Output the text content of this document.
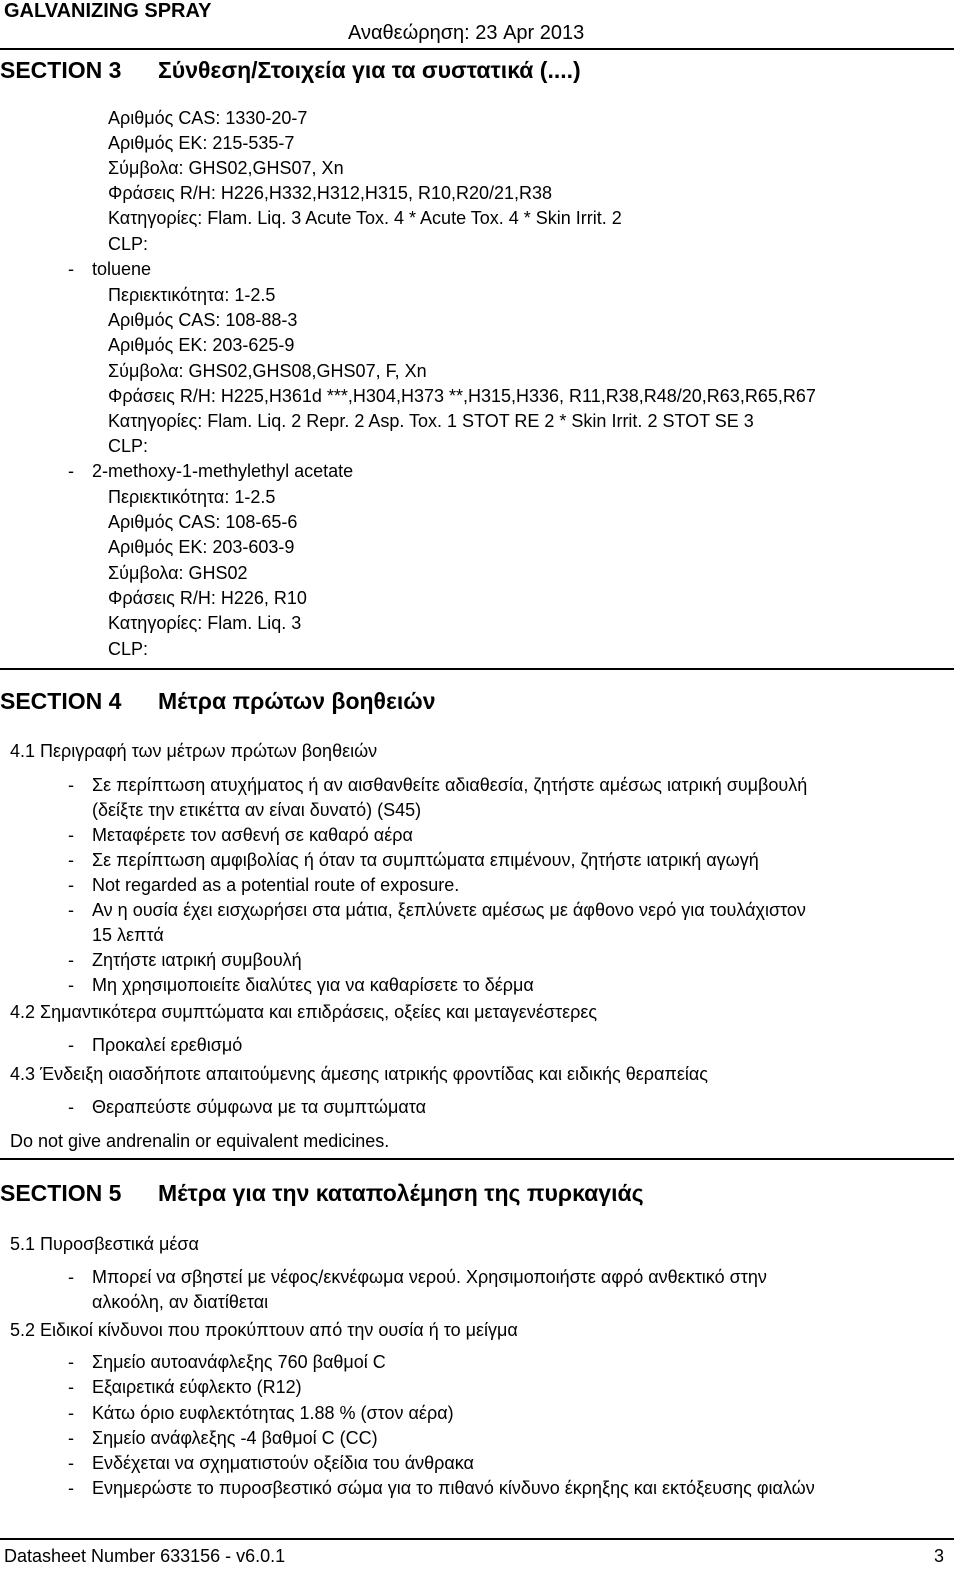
GALVANIZING SPRAY
Αναθεώρηση: 23 Apr 2013
SECTION 3 Σύνθεση/Στοιχεία για τα συστατικά (....)
Αριθμός CAS: 1330-20-7
Αριθμός ΕΚ: 215-535-7
Σύμβολα: GHS02,GHS07, Xn
Φράσεις R/H: H226,H332,H312,H315, R10,R20/21,R38
Κατηγορίες: Flam. Liq. 3 Acute Tox. 4 * Acute Tox. 4 * Skin Irrit. 2
CLP:
- toluene
Περιεκτικότητα: 1-2.5
Αριθμός CAS: 108-88-3
Αριθμός ΕΚ: 203-625-9
Σύμβολα: GHS02,GHS08,GHS07, F, Xn
Φράσεις R/H: H225,H361d ***,H304,H373 **,H315,H336, R11,R38,R48/20,R63,R65,R67
Κατηγορίες: Flam. Liq. 2 Repr. 2 Asp. Tox. 1 STOT RE 2 * Skin Irrit. 2 STOT SE 3
CLP:
- 2-methoxy-1-methylethyl acetate
Περιεκτικότητα: 1-2.5
Αριθμός CAS: 108-65-6
Αριθμός ΕΚ: 203-603-9
Σύμβολα: GHS02
Φράσεις R/H: H226, R10
Κατηγορίες: Flam. Liq. 3
CLP:
SECTION 4 Μέτρα πρώτων βοηθειών
4.1 Περιγραφή των μέτρων πρώτων βοηθειών
- Σε περίπτωση ατυχήματος ή αν αισθανθείτε αδιαθεσία, ζητήστε αμέσως ιατρική συμβουλή
(δείξτε την ετικέττα αν είναι δυνατό) (S45)
- Μεταφέρετε τον ασθενή σε καθαρό αέρα
- Σε περίπτωση αμφιβολίας ή όταν τα συμπτώματα επιμένουν, ζητήστε ιατρική αγωγή
- Not regarded as a potential route of exposure.
- Αν η ουσία έχει εισχωρήσει στα μάτια, ξεπλύνετε αμέσως με άφθονο νερό για τουλάχιστον
15 λεπτά
- Ζητήστε ιατρική συμβουλή
- Μη χρησιμοποιείτε διαλύτες για να καθαρίσετε το δέρμα
4.2 Σημαντικότερα συμπτώματα και επιδράσεις, οξείες και μεταγενέστερες
- Προκαλεί ερεθισμό
4.3 Ένδειξη οιασδήποτε απαιτούμενης άμεσης ιατρικής φροντίδας και ειδικής θεραπείας
- Θεραπεύστε σύμφωνα με τα συμπτώματα
Do not give andrenalin or equivalent medicines.
SECTION 5 Μέτρα για την καταπολέμηση της πυρκαγιάς
5.1 Πυροσβεστικά μέσα
- Μπορεί να σβηστεί με νέφος/εκνέφωμα νερού. Χρησιμοποιήστε αφρό ανθεκτικό στην
αλκοόλη, αν διατίθεται
5.2 Ειδικοί κίνδυνοι που προκύπτουν από την ουσία ή το μείγμα
- Σημείο αυτοανάφλεξης 760 βαθμοί C
- Εξαιρετικά εύφλεκτο (R12)
- Κάτω όριο ευφλεκτότητας 1.88 % (στον αέρα)
- Σημείο ανάφλεξης -4 βαθμοί C (CC)
- Ενδέχεται να σχηματιστούν οξείδια του άνθρακα
- Ενημερώστε το πυροσβεστικό σώμα για το πιθανό κίνδυνο έκρηξης και εκτόξευσης φιαλών
Datasheet Number 633156 - v6.0.1	3
